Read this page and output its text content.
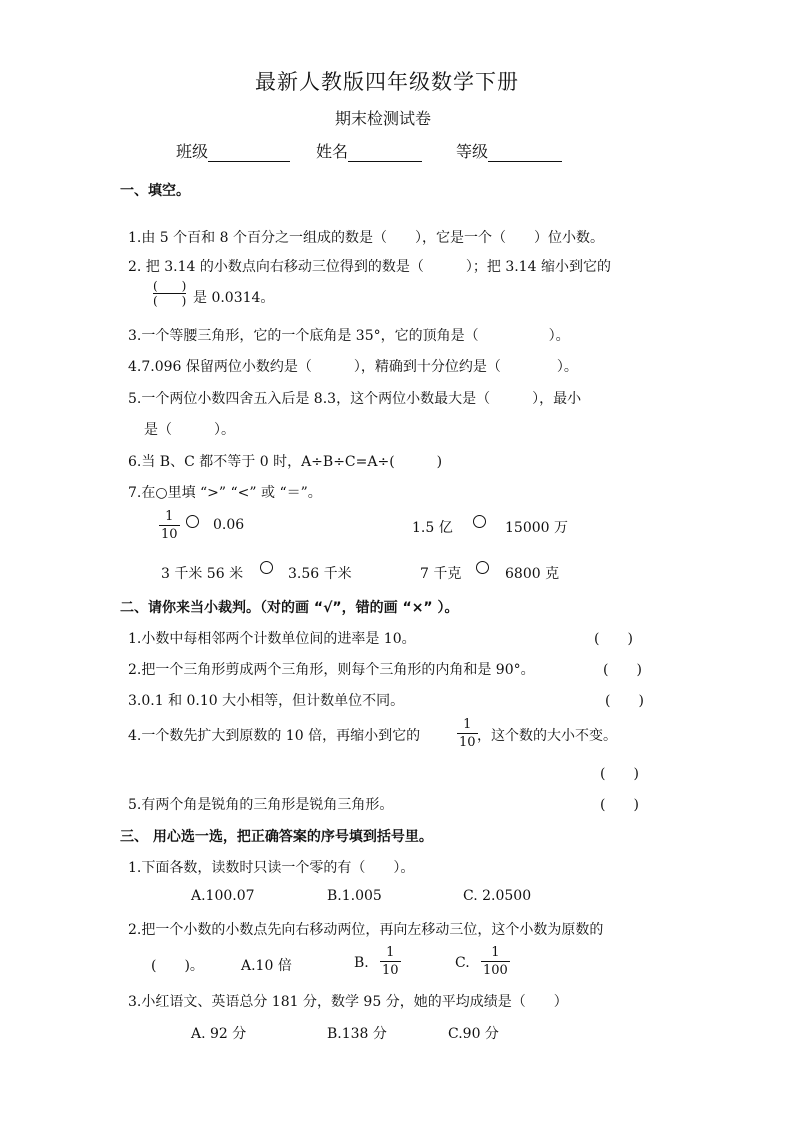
最新人教版四年级数学下册
期末检测试卷
班级	姓名	等级
一、填空。
1.由 5 个百和 8 个百分之一组成的数是（　　），它是一个（　　）位小数。
2. 把 3.14 的小数点向右移动三位得到的数是（　　　）；把 3.14 缩小到它的
(　　)
(　　) 是 0.0314。
3.一个等腰三角形，它的一个底角是 35°，它的顶角是（　　　　　）。
4.7.096 保留两位小数约是（　　　），精确到十分位约是（　　　　）。
5.一个两位小数四舍五入后是 8.3，这个两位小数最大是（　　　），最小
是（　　　）。
6.当 B、C 都不等于 0 时，A÷B÷C=A÷(　　　)
7.在○里填 “>” “<” 或 “＝”。
1
10
0.06	1.5 亿	15000 万
3 千米 56 米	3.56 千米	7 千克	6800 克
二、请你来当小裁判。（对的画 “√”，错的画 “×” ）。
1.小数中每相邻两个计数单位间的进率是 10。	(　　)
2.把一个三角形剪成两个三角形，则每个三角形的内角和是 90°。	(　　)
3.0.1 和 0.10 大小相等，但计数单位不同。	(　　)
4.一个数先扩大到原数的 10 倍，再缩小到它的
1
10 ，这个数的大小不变。
(　　)
5.有两个角是锐角的三角形是锐角三角形。	(　　)
三、 用心选一选，把正确答案的序号填到括号里。
1.下面各数，读数时只读一个零的有（　　）。
A.100.07	B.1.005	C. 2.0500
2.把一个小数的小数点先向右移动两位，再向左移动三位，这个小数为原数的
(　　)。	A.10 倍	B.
1
10	C.
1
100
3.小红语文、英语总分 181 分，数学 95 分，她的平均成绩是（　　）
A. 92 分	B.138 分	C.90 分
